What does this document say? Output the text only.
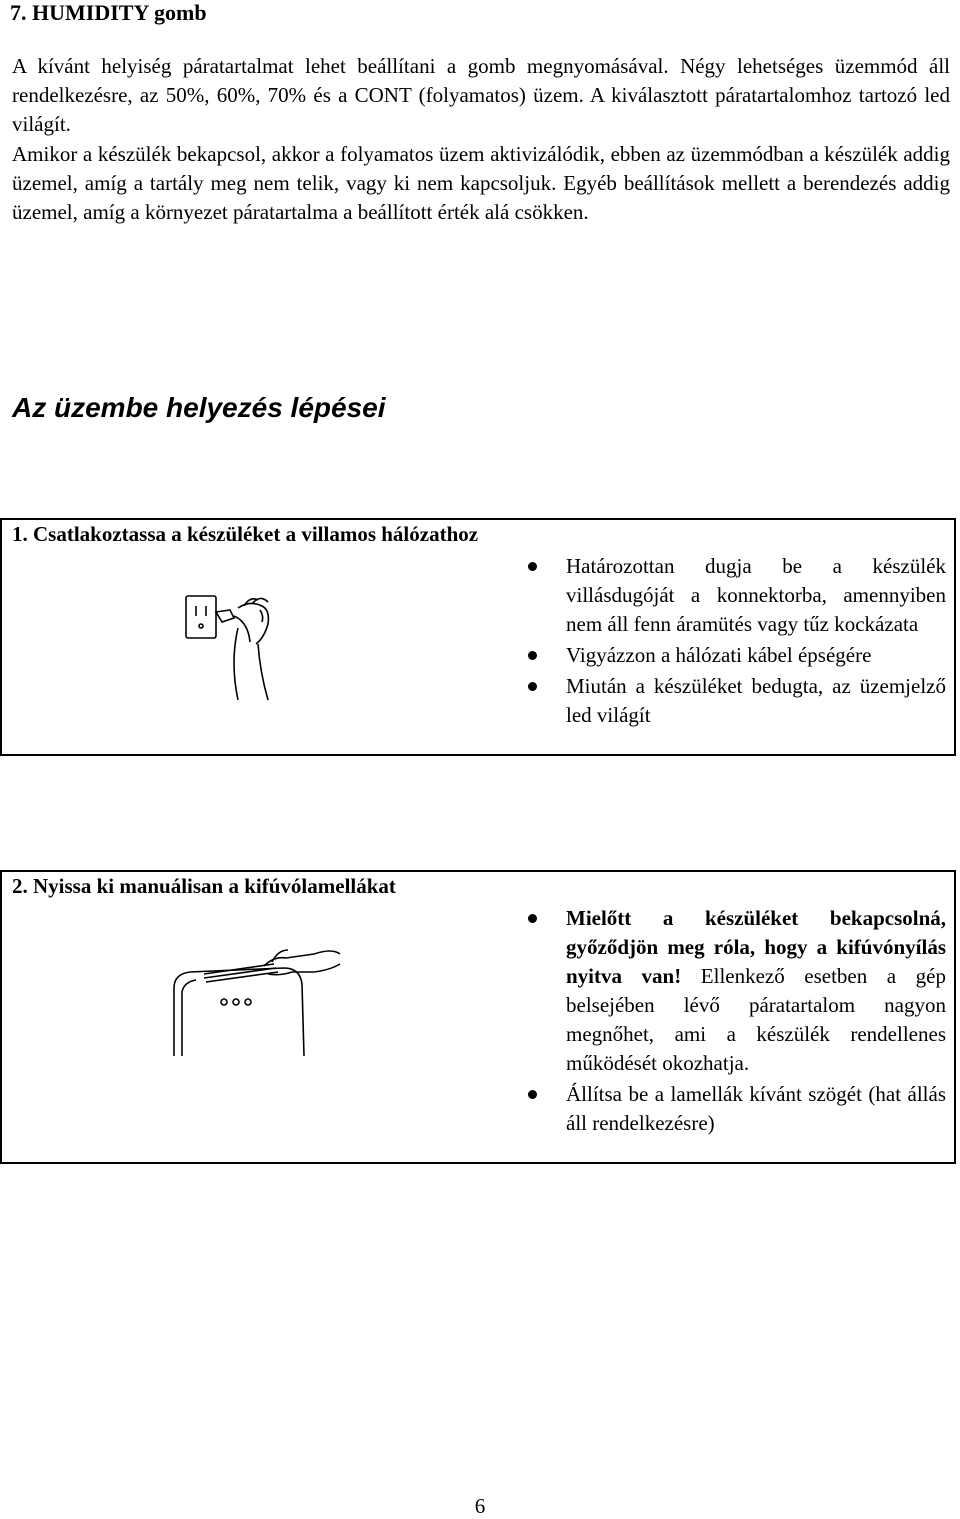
7. HUMIDITY gomb
A kívánt helyiség páratartalmat lehet beállítani a gomb megnyomásával. Négy lehetséges üzemmód áll rendelkezésre, az 50%, 60%, 70% és a CONT (folyamatos) üzem. A kiválasztott páratartalomhoz tartozó led világít.
Amikor a készülék bekapcsol, akkor a folyamatos üzem aktivizálódik, ebben az üzemmódban a készülék addig üzemel, amíg a tartály meg nem telik, vagy ki nem kapcsoljuk. Egyéb beállítások mellett a berendezés addig üzemel, amíg a környezet páratartalma a beállított érték alá csökken.
Az üzembe helyezés lépései
1. Csatlakoztassa a készüléket a villamos hálózathoz
Határozottan dugja be a készülék villásdugóját a konnektorba, amennyiben nem áll fenn áramütés vagy tűz kockázata
Vigyázzon a hálózati kábel épségére
Miután a készüléket bedugta, az üzemjelző led világít
2. Nyissa ki manuálisan a kifúvólamellákat
Mielőtt a készüléket bekapcsolná, győződjön meg róla, hogy a kifúvónyílás nyitva van! Ellenkező esetben a gép belsejében lévő páratartalom nagyon megnőhet, ami a készülék rendellenes működését okozhatja.
Állítsa be a lamellák kívánt szögét (hat állás áll rendelkezésre)
6
